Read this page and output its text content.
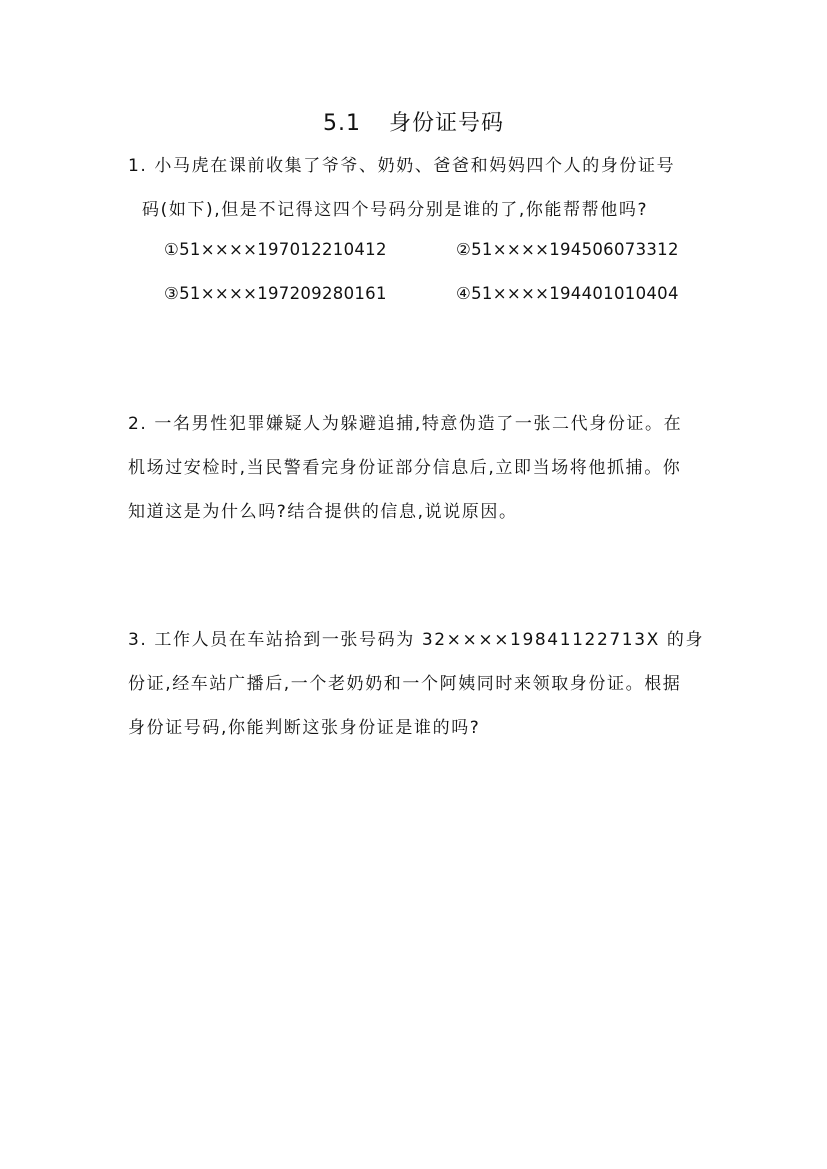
5.1 身份证号码
1. 小马虎在课前收集了爷爷、奶奶、爸爸和妈妈四个人的身份证号
码(如下),但是不记得这四个号码分别是谁的了,你能帮帮他吗?
①51××××197012210412	②51××××194506073312
③51××××197209280161	④51××××194401010404
2. 一名男性犯罪嫌疑人为躲避追捕,特意伪造了一张二代身份证。在
机场过安检时,当民警看完身份证部分信息后,立即当场将他抓捕。你
知道这是为什么吗?结合提供的信息,说说原因。
3. 工作人员在车站拾到一张号码为 32××××19841122713X 的身
份证,经车站广播后,一个老奶奶和一个阿姨同时来领取身份证。根据
身份证号码,你能判断这张身份证是谁的吗?
